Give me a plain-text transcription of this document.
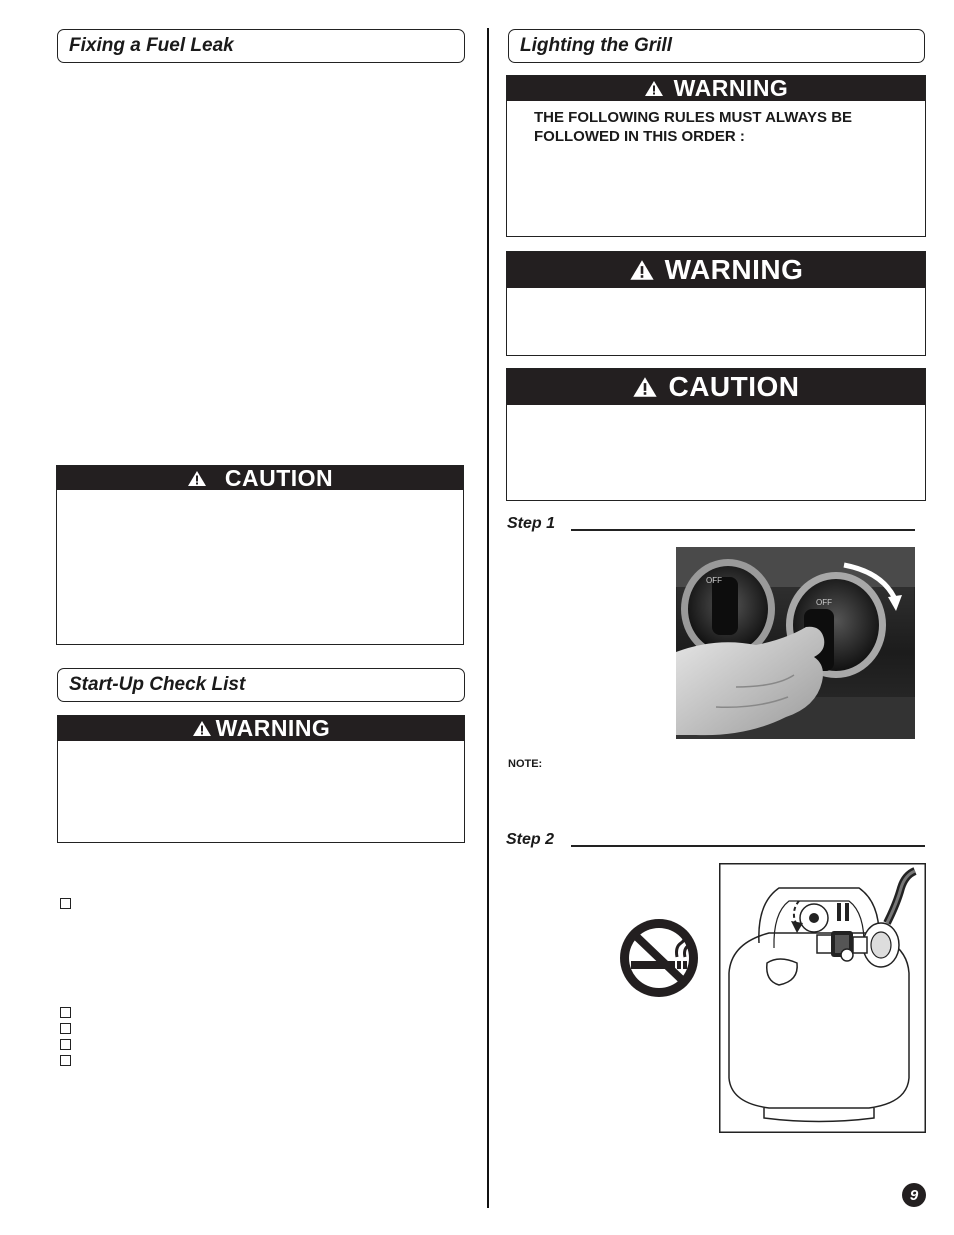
Fixing a Fuel Leak
CAUTION
Start-Up Check List
WARNING
Lighting the Grill
WARNING
THE FOLLOWING RULES MUST ALWAYS BE FOLLOWED IN THIS ORDER :
WARNING
CAUTION
Step 1
OFF
OFF
NOTE:
Step 2
9
